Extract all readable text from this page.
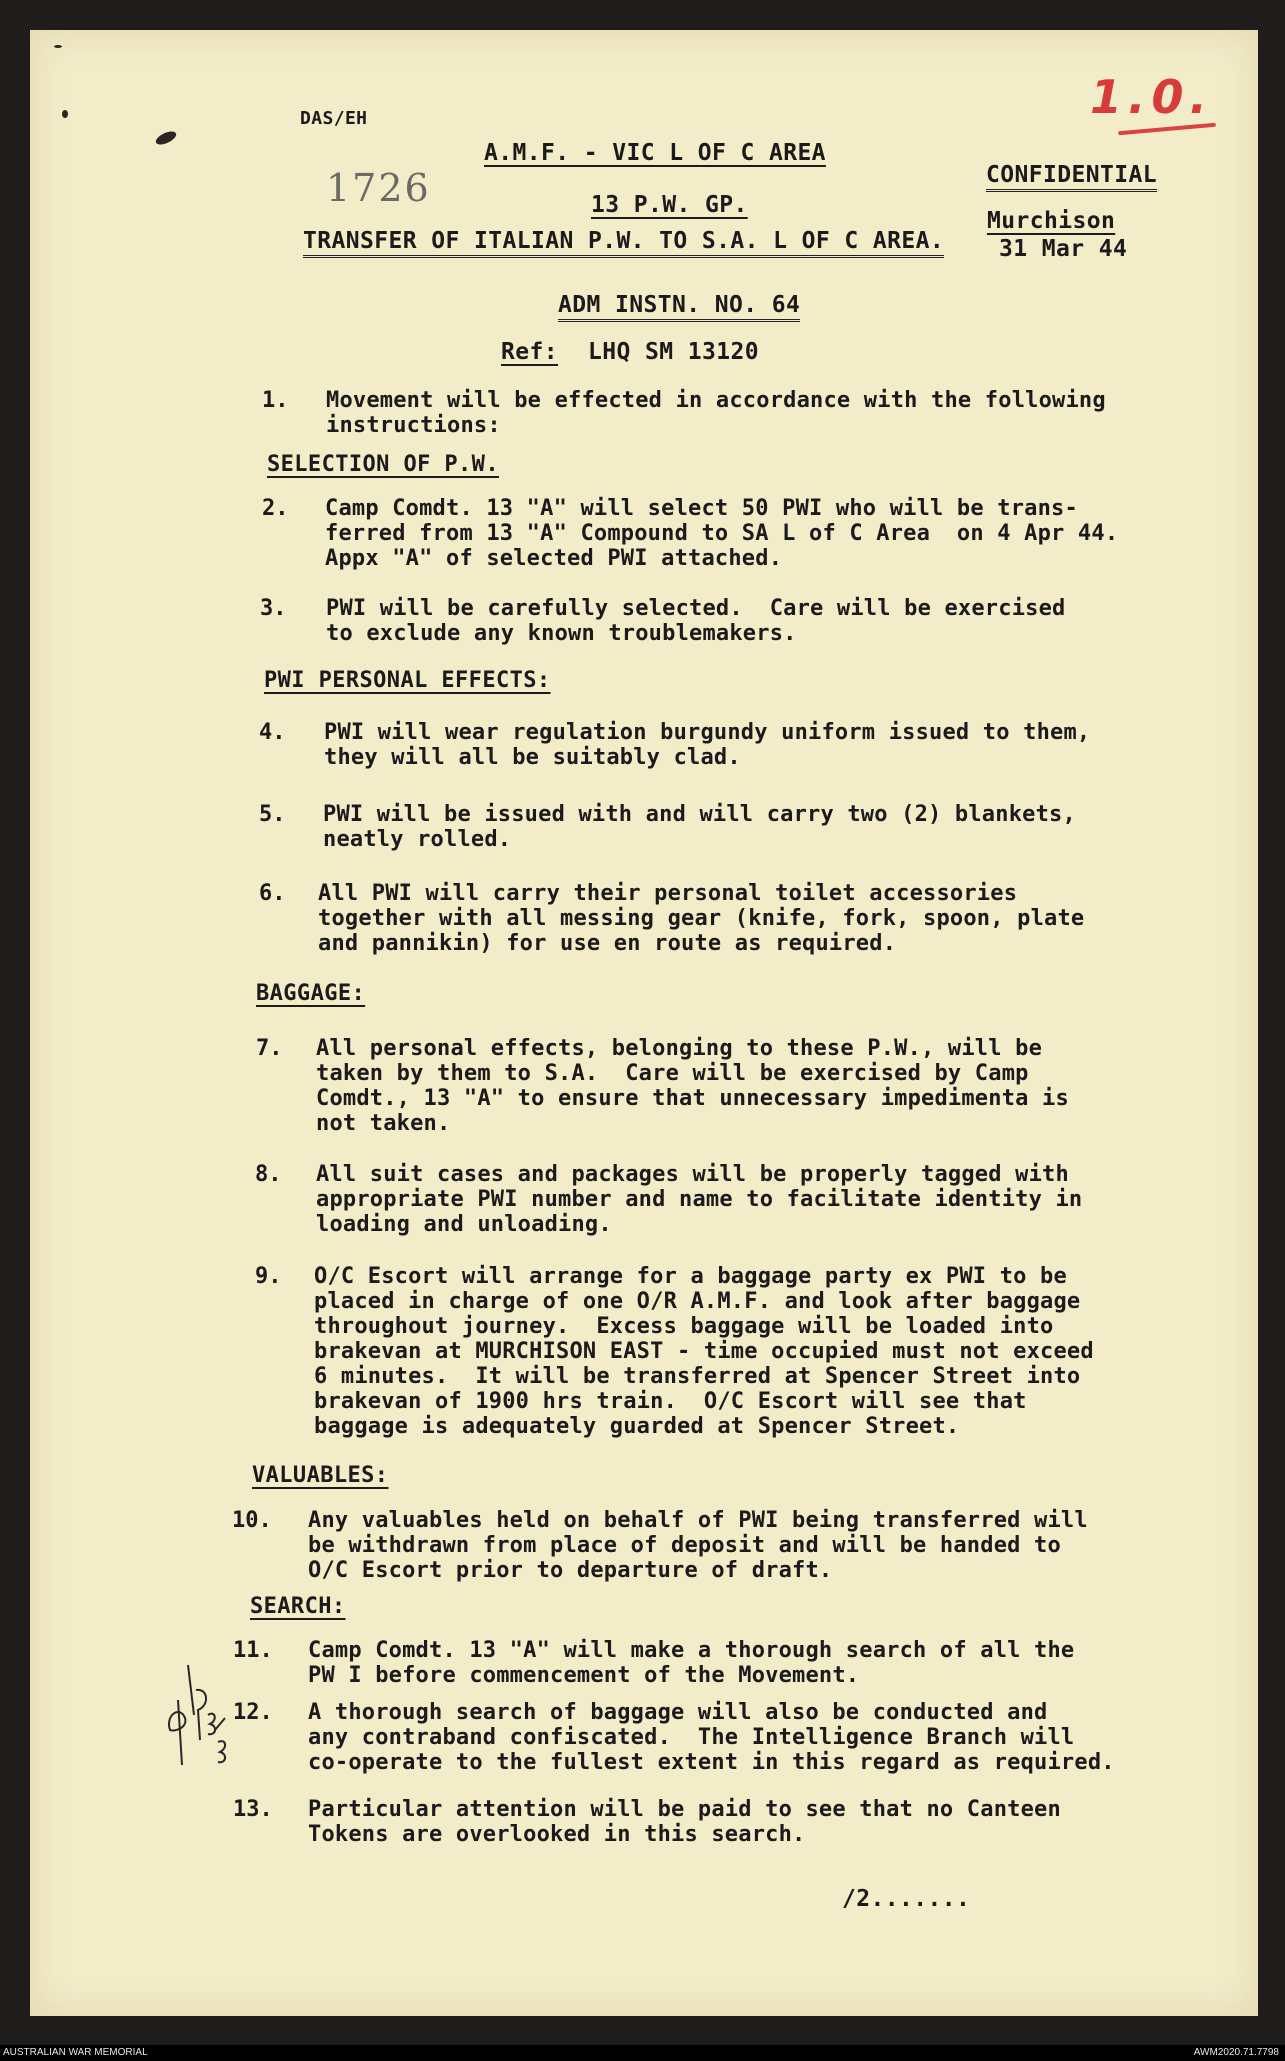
DAS/EH
1726
1.0.
A.M.F. - VIC L OF C AREA
13 P.W. GP.
TRANSFER OF ITALIAN P.W. TO S.A. L OF C AREA.
CONFIDENTIAL
Murchison
31 Mar 44
ADM INSTN. NO. 64
Ref: LHQ SM 13120
1. Movement will be effected in accordance with the following
instructions:
SELECTION OF P.W.
2. Camp Comdt. 13 "A" will select 50 PWI who will be trans-
ferred from 13 "A" Compound to SA L of C Area  on 4 Apr 44.
Appx "A" of selected PWI attached.
3. PWI will be carefully selected.  Care will be exercised
to exclude any known troublemakers.
PWI PERSONAL EFFECTS:
4. PWI will wear regulation burgundy uniform issued to them,
they will all be suitably clad.
5. PWI will be issued with and will carry two (2) blankets,
neatly rolled.
6. All PWI will carry their personal toilet accessories
together with all messing gear (knife, fork, spoon, plate
and pannikin) for use en route as required.
BAGGAGE:
7. All personal effects, belonging to these P.W., will be
taken by them to S.A.  Care will be exercised by Camp
Comdt., 13 "A" to ensure that unnecessary impedimenta is
not taken.
8. All suit cases and packages will be properly tagged with
appropriate PWI number and name to facilitate identity in
loading and unloading.
9. O/C Escort will arrange for a baggage party ex PWI to be
placed in charge of one O/R A.M.F. and look after baggage
throughout journey.  Excess baggage will be loaded into
brakevan at MURCHISON EAST - time occupied must not exceed
6 minutes.  It will be transferred at Spencer Street into
brakevan of 1900 hrs train.  O/C Escort will see that
baggage is adequately guarded at Spencer Street.
VALUABLES:
10. Any valuables held on behalf of PWI being transferred will
be withdrawn from place of deposit and will be handed to
O/C Escort prior to departure of draft.
SEARCH:
11. Camp Comdt. 13 "A" will make a thorough search of all the
PW I before commencement of the Movement.
12. A thorough search of baggage will also be conducted and
any contraband confiscated.  The Intelligence Branch will
co-operate to the fullest extent in this regard as required.
13. Particular attention will be paid to see that no Canteen
Tokens are overlooked in this search.
/2.......
AUSTRALIAN WAR MEMORIAL	AWM2020.71.7798
